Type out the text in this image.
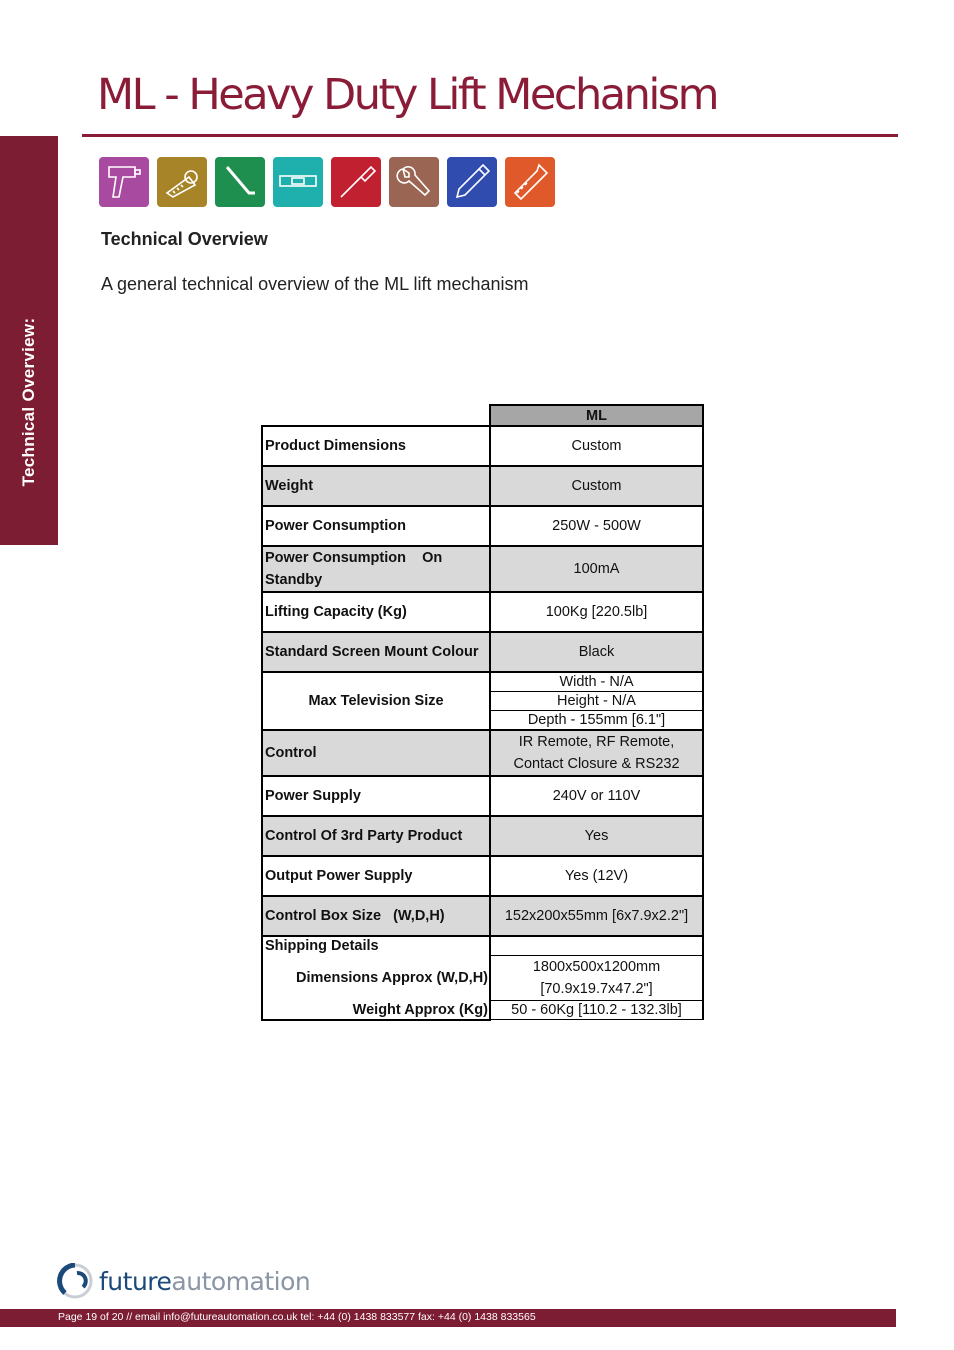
Technical Overview:
ML - Heavy Duty Lift Mechanism
Technical Overview
A general technical overview of the ML lift mechanism
	ML
Product Dimensions	Custom
Weight	Custom
Power Consumption	250W - 500W
Power Consumption    On
Standby	100mA
Lifting Capacity (Kg)	100Kg [220.5lb]
Standard Screen Mount Colour	Black
Max Television Size	Width - N/A
	Height - N/A
	Depth - 155mm [6.1"]
Control	IR Remote, RF Remote,
Contact Closure & RS232
Power Supply	240V or 110V
Control Of 3rd Party Product	Yes
Output Power Supply	Yes (12V)
Control Box Size   (W,D,H)	152x200x55mm [6x7.9x2.2"]
Shipping Details	
Dimensions Approx (W,D,H)	1800x500x1200mm
[70.9x19.7x47.2"]
Weight Approx (Kg)	50 - 60Kg [110.2 - 132.3lb]
futureautomation
Page 19 of 20 // email info@futureautomation.co.uk tel: +44 (0) 1438 833577 fax: +44 (0) 1438 833565
